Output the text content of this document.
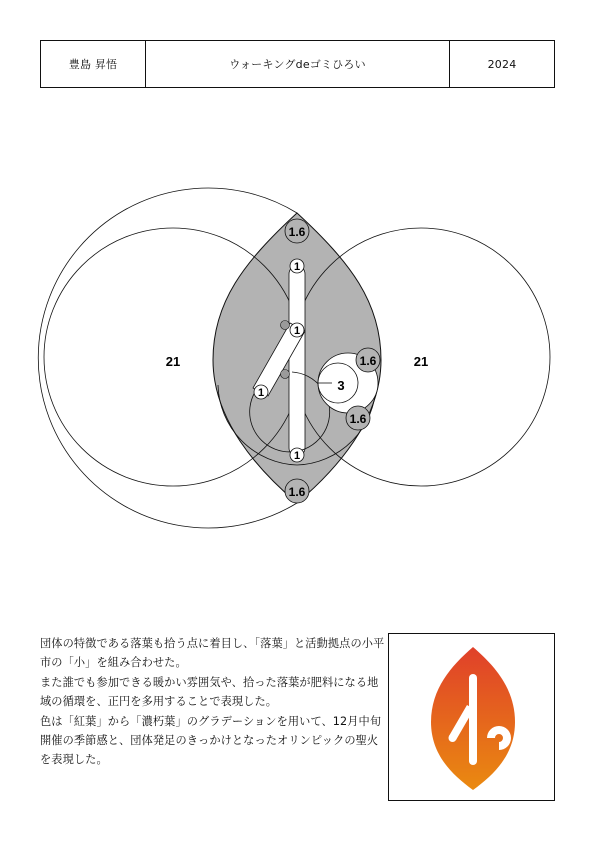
豊島 昇悟	ウォーキングdeゴミひろい	2024
1.6
1.6
1.6
1.6
1
1
1
1	3
21	21

団体の特徴である落葉も拾う点に着目し、「落葉」と活動拠点の小平市の「小」を組み合わせた。

また誰でも参加できる暖かい雰囲気や、拾った落葉が肥料になる地域の循環を、正円を多用することで表現した。

色は「紅葉」から「濃朽葉」のグラデーションを用いて、12月中旬開催の季節感と、団体発足のきっかけとなったオリンピックの聖火を表現した。
